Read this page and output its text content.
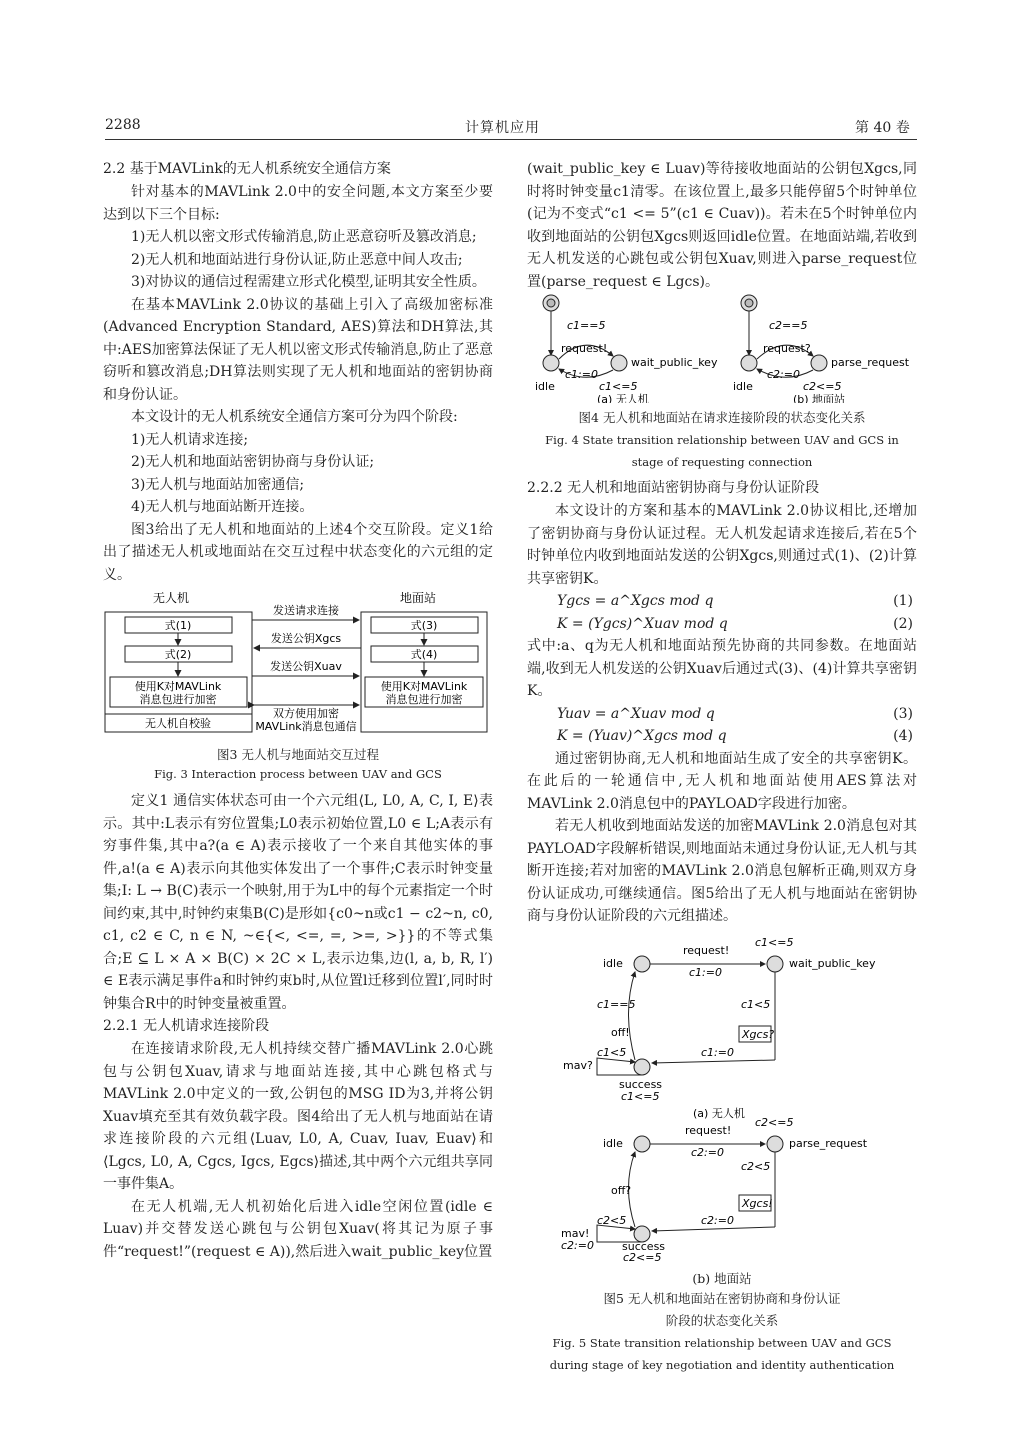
2288	计算机应用	第 40 卷

2.2 基于MAVLink的无人机系统安全通信方案

针对基本的MAVLink 2.0中的安全问题,本文方案至少要达到以下三个目标:

1)无人机以密文形式传输消息,防止恶意窃听及篡改消息;

2)无人机和地面站进行身份认证,防止恶意中间人攻击;

3)对协议的通信过程需建立形式化模型,证明其安全性质。

在基本MAVLink 2.0协议的基础上引入了高级加密标准(Advanced Encryption Standard, AES)算法和DH算法,其中:AES加密算法保证了无人机以密文形式传输消息,防止了恶意窃听和篡改消息;DH算法则实现了无人机和地面站的密钥协商和身份认证。

本文设计的无人机系统安全通信方案可分为四个阶段:

1)无人机请求连接;

2)无人机和地面站密钥协商与身份认证;

3)无人机与地面站加密通信;

4)无人机与地面站断开连接。

图3给出了无人机和地面站的上述4个交互阶段。定义1给出了描述无人机或地面站在交互过程中状态变化的六元组的定义。

无人机	地面站
式(1)
式(2)
使用K对MAVLink
消息包进行加密
无人机自校验
式(3)
式(4)
使用K对MAVLink
消息包进行加密
发送请求连接
发送公钥Xgcs
发送公钥Xuav
双方使用加密
MAVLink消息包通信

图3 无人机与地面站交互过程

Fig. 3 Interaction process between UAV and GCS

定义1 通信实体状态可由一个六元组⟨L, L0, A, C, I, E⟩表示。其中:L表示有穷位置集;L0表示初始位置,L0 ∈ L;A表示有穷事件集,其中a?(a ∈ A)表示接收了一个来自其他实体的事件,a!(a ∈ A)表示向其他实体发出了一个事件;C表示时钟变量集;I: L → B(C)表示一个映射,用于为L中的每个元素指定一个时间约束,其中,时钟约束集B(C)是形如{c0~n或c1 − c2~n, c0, c1, c2 ∈ C, n ∈ N, ~∈{<, <=, =, >=, >}}的不等式集合;E ⊆ L × A × B(C) × 2C × L,表示边集,边(l, a, b, R, l′) ∈ E表示满足事件a和时钟约束b时,从位置l迁移到位置l′,同时时钟集合R中的时钟变量被重置。

2.2.1 无人机请求连接阶段

在连接请求阶段,无人机持续交替广播MAVLink 2.0心跳包与公钥包Xuav,请求与地面站连接,其中心跳包格式与MAVLink 2.0中定义的一致,公钥包的MSG ID为3,并将公钥Xuav填充至其有效负载字段。图4给出了无人机与地面站在请求连接阶段的六元组⟨Luav, L0, A, Cuav, Iuav, Euav⟩和⟨Lgcs, L0, A, Cgcs, Igcs, Egcs⟩描述,其中两个六元组共享同一事件集A。

在无人机端,无人机初始化后进入idle空闲位置(idle ∈ Luav)并交替发送心跳包与公钥包Xuav(将其记为原子事件“request!”(request ∈ A)),然后进入wait_public_key位置

(wait_public_key ∈ Luav)等待接收地面站的公钥包Xgcs,同时将时钟变量c1清零。在该位置上,最多只能停留5个时钟单位(记为不变式“c1 <= 5”(c1 ∈ Cuav))。若未在5个时钟单位内收到地面站的公钥包Xgcs则返回idle位置。在地面站端,若收到无人机发送的心跳包或公钥包Xuav,则进入parse_request位置(parse_request ∈ Lgcs)。

c1==5
request!
c1:=0
wait_public_key
idle	c1<=5
(a) 无人机
c2==5
request?
c2:=0
parse_request
idle	c2<=5
(b) 地面站

图4 无人机和地面站在请求连接阶段的状态变化关系

Fig. 4 State transition relationship between UAV and GCS in

stage of requesting connection

2.2.2 无人机和地面站密钥协商与身份认证阶段

本文设计的方案和基本的MAVLink 2.0协议相比,还增加了密钥协商与身份认证过程。无人机发起请求连接后,若在5个时钟单位内收到地面站发送的公钥Xgcs,则通过式(1)、(2)计算共享密钥K。

Ygcs = a^Xgcs mod q	(1)
K = (Ygcs)^Xuav mod q	(2)

式中:a、q为无人机和地面站预先协商的共同参数。在地面站端,收到无人机发送的公钥Xuav后通过式(3)、(4)计算共享密钥K。

Yuav = a^Xuav mod q	(3)
K = (Yuav)^Xgcs mod q	(4)

通过密钥协商,无人机和地面站生成了安全的共享密钥K。在此后的一轮通信中,无人机和地面站使用AES算法对MAVLink 2.0消息包中的PAYLOAD字段进行加密。

若无人机收到地面站发送的加密MAVLink 2.0消息包对其PAYLOAD字段解析错误,则地面站未通过身份认证,无人机与其断开连接;若对加密的MAVLink 2.0消息包解析正确,则双方身份认证成功,可继续通信。图5给出了无人机与地面站在密钥协商与身份认证阶段的六元组描述。

idle	wait_public_key
request!
c1:=0
c1<=5
c1==5	c1<5
off!	Xgcs?
c1<5	c1:=0
mav?
success
c1<=5
(a) 无人机
idle	parse_request
request!
c2:=0
c2<=5
c2<5
off?
Xgcs!
c2<5	c2:=0
mav!
c2:=0	success
c2<=5

(b) 地面站

图5 无人机和地面站在密钥协商和身份认证

阶段的状态变化关系

Fig. 5 State transition relationship between UAV and GCS

during stage of key negotiation and identity authentication
